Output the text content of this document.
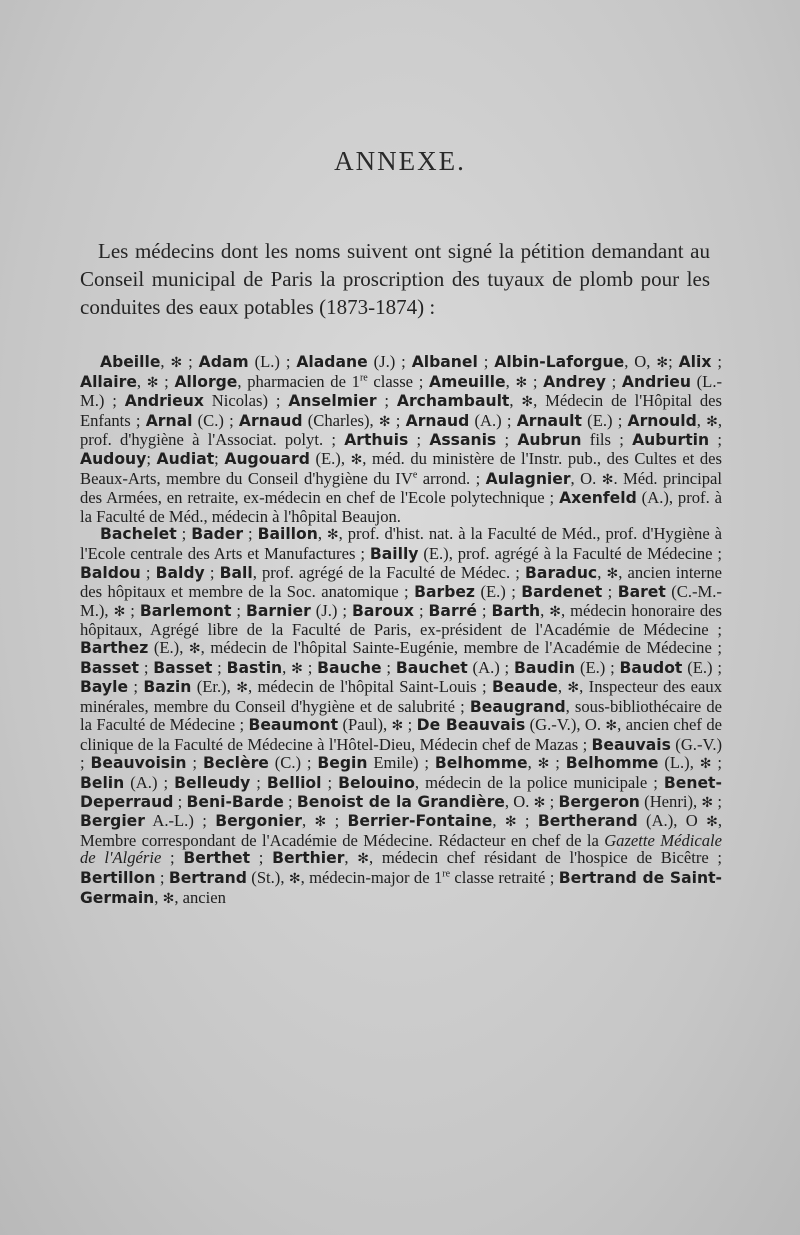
ANNEXE.

Les médecins dont les noms suivent ont signé la pétition demandant au Conseil municipal de Paris la proscription des tuyaux de plomb pour les conduites des eaux potables (1873-1874) :

Abeille, ✻ ; Adam (L.) ; Aladane (J.) ; Albanel ; Albin-Laforgue, O, ✻; Alix ; Allaire, ✻ ; Allorge, pharmacien de 1re classe ; Ameuille, ✻ ; Andrey ; Andrieu (L.-M.) ; Andrieux Nicolas) ; Anselmier ; Archambault, ✻, Médecin de l'Hôpital des Enfants ; Arnal (C.) ; Arnaud (Charles), ✻ ; Arnaud (A.) ; Arnault (E.) ; Arnould, ✻, prof. d'hygiène à l'Associat. polyt. ; Arthuis ; Assanis ; Aubrun fils ; Auburtin ; Audouy; Audiat; Augouard (E.), ✻, méd. du ministère de l'Instr. pub., des Cultes et des Beaux-Arts, membre du Conseil d'hygiène du IVe arrond. ; Aulagnier, O. ✻. Méd. principal des Armées, en retraite, ex-médecin en chef de l'Ecole polytechnique ; Axenfeld (A.), prof. à la Faculté de Méd., médecin à l'hôpital Beaujon.

Bachelet ; Bader ; Baillon, ✻, prof. d'hist. nat. à la Faculté de Méd., prof. d'Hygiène à l'Ecole centrale des Arts et Manufactures ; Bailly (E.), prof. agrégé à la Faculté de Médecine ; Baldou ; Baldy ; Ball, prof. agrégé de la Faculté de Médec. ; Baraduc, ✻, ancien interne des hôpitaux et membre de la Soc. anatomique ; Barbez (E.) ; Bardenet ; Baret (C.-M.-M.), ✻ ; Barlemont ; Barnier (J.) ; Baroux ; Barré ; Barth, ✻, médecin honoraire des hôpitaux, Agrégé libre de la Faculté de Paris, ex-président de l'Académie de Médecine ; Barthez (E.), ✻, médecin de l'hôpital Sainte-Eugénie, membre de l'Académie de Médecine ; Basset ; Basset ; Bastin, ✻ ; Bauche ; Bauchet (A.) ; Baudin (E.) ; Baudot (E.) ; Bayle ; Bazin (Er.), ✻, médecin de l'hôpital Saint-Louis ; Beaude, ✻, Inspecteur des eaux minérales, membre du Conseil d'hygiène et de salubrité ; Beaugrand, sous-bibliothécaire de la Faculté de Médecine ; Beaumont (Paul), ✻ ; De Beauvais (G.-V.), O. ✻, ancien chef de clinique de la Faculté de Médecine à l'Hôtel-Dieu, Médecin chef de Mazas ; Beauvais (G.-V.) ; Beauvoisin ; Beclère (C.) ; Begin Emile) ; Belhomme, ✻ ; Belhomme (L.), ✻ ; Belin (A.) ; Belleudy ; Belliol ; Belouino, médecin de la police municipale ; Benet-Deperraud ; Beni-Barde ; Benoist de la Grandière, O. ✻ ; Bergeron (Henri), ✻ ; Bergier A.-L.) ; Bergonier, ✻ ; Berrier-Fontaine, ✻ ; Bertherand (A.), O ✻, Membre correspondant de l'Académie de Médecine. Rédacteur en chef de la Gazette Médicale de l'Algérie ; Berthet ; Berthier, ✻, médecin chef résidant de l'hospice de Bicêtre ; Bertillon ; Bertrand (St.), ✻, médecin-major de 1re classe retraité ; Bertrand de Saint-Germain, ✻, ancien
